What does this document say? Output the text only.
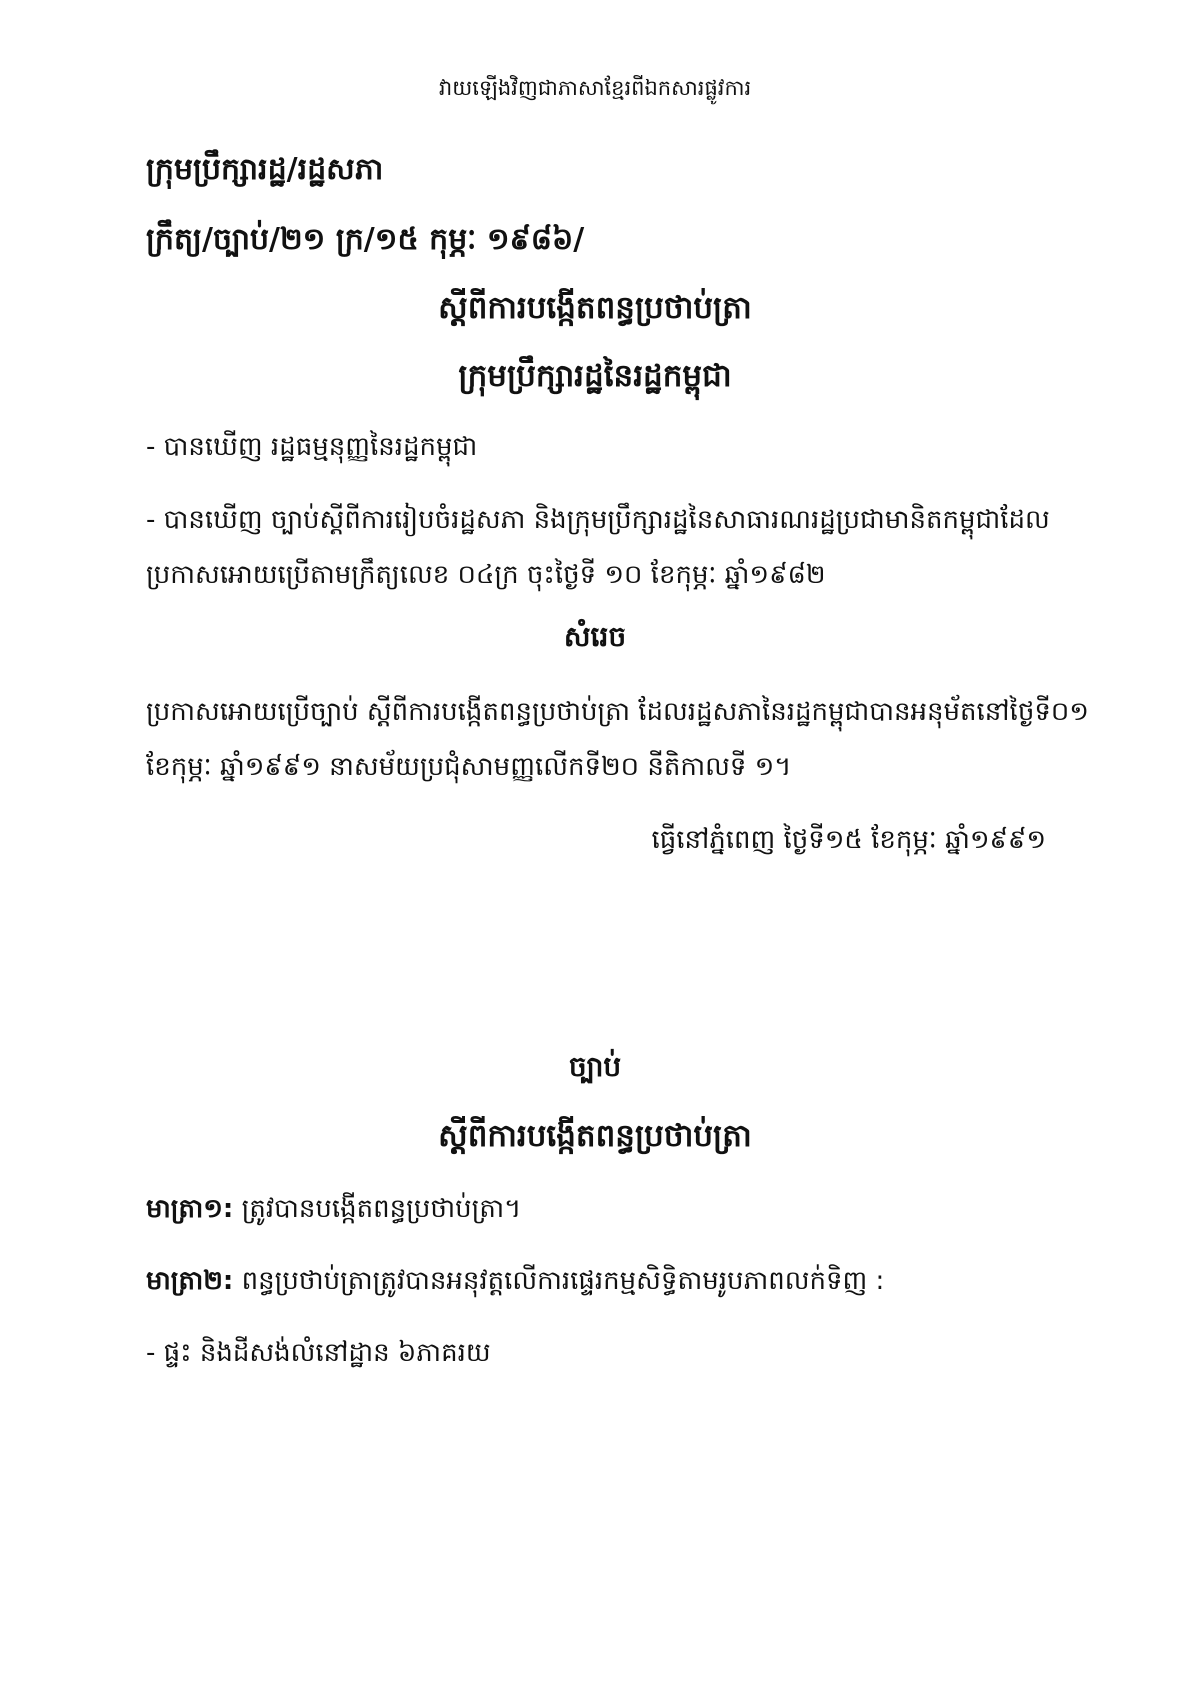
វាយឡើងវិញជាភាសាខ្មែរពីឯកសារផ្លូវការ
ក្រុមប្រឹក្សារដ្ឋ/រដ្ឋសភា
ក្រឹត្យ/ច្បាប់/២១ ក្រ/១៥ កុម្ភៈ ១៩៨៦/
ស្តីពីការបង្កើតពន្ធប្រថាប់ត្រា
ក្រុមប្រឹក្សារដ្ឋនៃរដ្ឋកម្ពុជា
- បានឃើញ រដ្ឋធម្មនុញ្ញនៃរដ្ឋកម្ពុជា
- បានឃើញ ច្បាប់ស្តីពីការរៀបចំរដ្ឋសភា និងក្រុមប្រឹក្សារដ្ឋនៃសាធារណរដ្ឋប្រជាមានិតកម្ពុជាដែល
ប្រកាសអោយប្រើតាមក្រឹត្យលេខ ០៤ក្រ ចុះថ្ងៃទី ១០ ខែកុម្ភៈ ឆ្នាំ១៩៨២
សំរេច
ប្រកាសអោយប្រើច្បាប់ ស្តីពីការបង្កើតពន្ធប្រថាប់ត្រា ដែលរដ្ឋសភានៃរដ្ឋកម្ពុជាបានអនុម័តនៅថ្ងៃទី០១
ខែកុម្ភៈ ឆ្នាំ១៩៩១ នាសម័យប្រជុំសាមញ្ញលើកទី២០ នីតិកាលទី ១។
ធ្វើនៅភ្នំពេញ ថ្ងៃទី១៥ ខែកុម្ភៈ ឆ្នាំ១៩៩១
ច្បាប់
ស្តីពីការបង្កើតពន្ធប្រថាប់ត្រា
មាត្រា១: ត្រូវបានបង្កើតពន្ធប្រថាប់ត្រា។
មាត្រា២: ពន្ធប្រថាប់ត្រាត្រូវបានអនុវត្តលើការផ្ទេរកម្មសិទ្ធិតាមរូបភាពលក់ទិញ :
- ផ្ទះ និងដីសង់លំនៅដ្ឋាន ៦ភាគរយ
